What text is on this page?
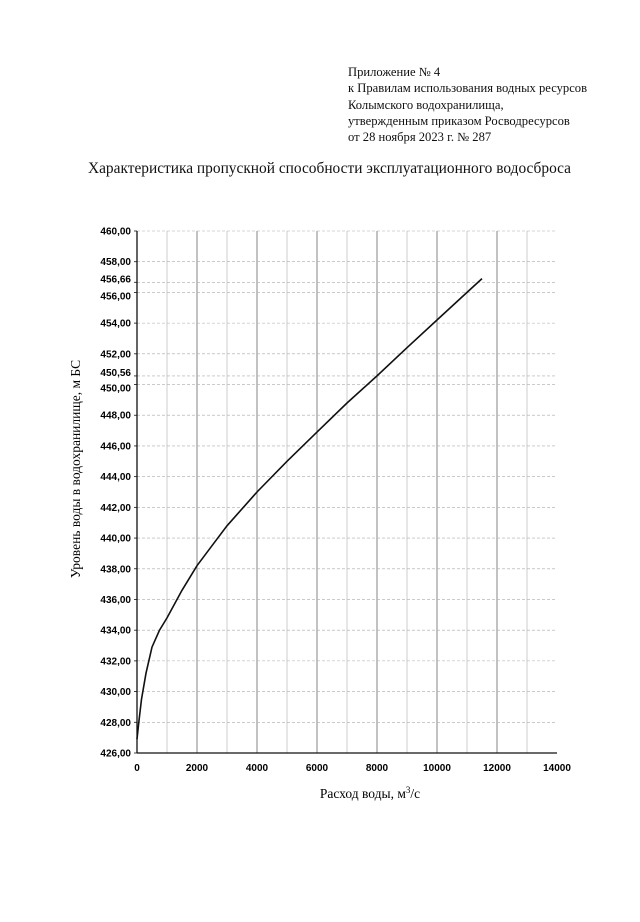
Приложение № 4
к Правилам использования водных ресурсов
Колымского водохранилища,
утвержденным приказом Росводресурсов
от 28 ноября 2023 г. № 287
Характеристика пропускной способности эксплуатационного водосброса
426,00
428,00
430,00
432,00
434,00
436,00
438,00
440,00
442,00
444,00
446,00
448,00
450,00
450,56
452,00
454,00
456,00
456,66
458,00
460,00
0	2000	4000	6000	8000	10000	12000	14000
Уровень воды в водохранилище, м БС
Расход воды, $м^3/с$
